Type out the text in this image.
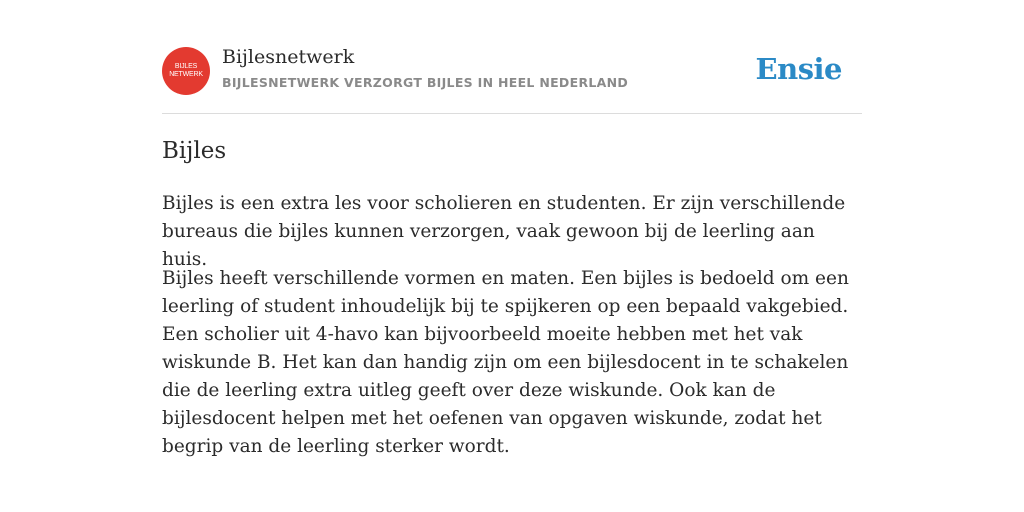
BIJLES
NETWERK
Bijlesnetwerk
BIJLESNETWERK VERZORGT BIJLES IN HEEL NEDERLAND	Ensie
Bijles

Bijles is een extra les voor scholieren en studenten. Er zijn verschillende bureaus die bijles kunnen verzorgen, vaak gewoon bij de leerling aan huis.

Bijles heeft verschillende vormen en maten. Een bijles is bedoeld om een leerling of student inhoudelijk bij te spijkeren op een bepaald vakgebied. Een scholier uit 4-havo kan bijvoorbeeld moeite hebben met het vak wiskunde B. Het kan dan handig zijn om een bijlesdocent in te schakelen die de leerling extra uitleg geeft over deze wiskunde. Ook kan de bijlesdocent helpen met het oefenen van opgaven wiskunde, zodat het begrip van de leerling sterker wordt.
